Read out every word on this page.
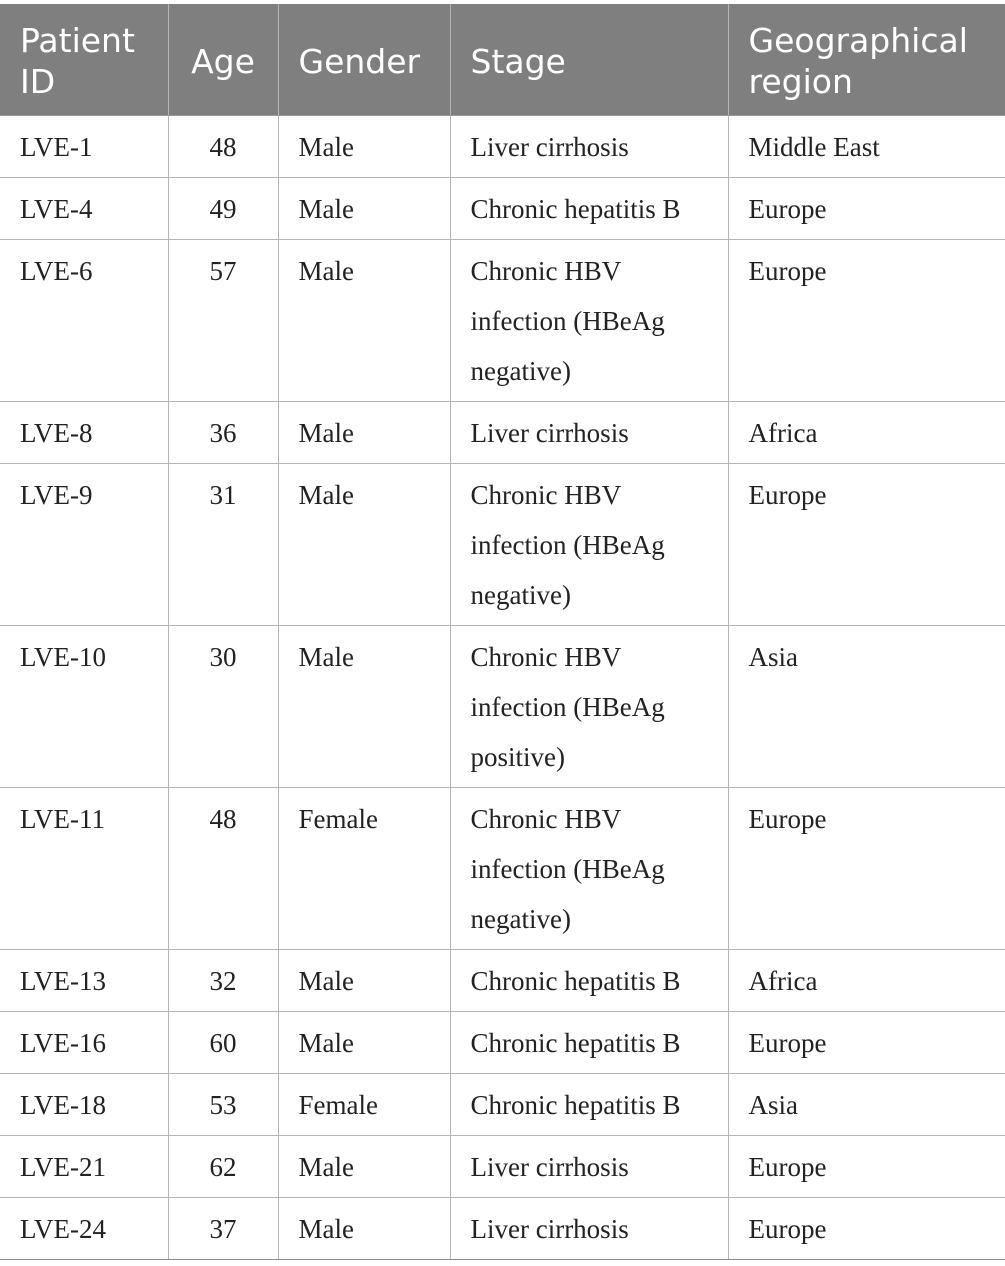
Patient ID	Age	Gender	Stage	Geographical region
LVE-1	48	Male	Liver cirrhosis	Middle East
LVE-4	49	Male	Chronic hepatitis B	Europe
LVE-6	57	Male	Chronic HBV infection (HBeAg negative)	Europe
LVE-8	36	Male	Liver cirrhosis	Africa
LVE-9	31	Male	Chronic HBV infection (HBeAg negative)	Europe
LVE-10	30	Male	Chronic HBV infection (HBeAg positive)	Asia
LVE-11	48	Female	Chronic HBV infection (HBeAg negative)	Europe
LVE-13	32	Male	Chronic hepatitis B	Africa
LVE-16	60	Male	Chronic hepatitis B	Europe
LVE-18	53	Female	Chronic hepatitis B	Asia
LVE-21	62	Male	Liver cirrhosis	Europe
LVE-24	37	Male	Liver cirrhosis	Europe
